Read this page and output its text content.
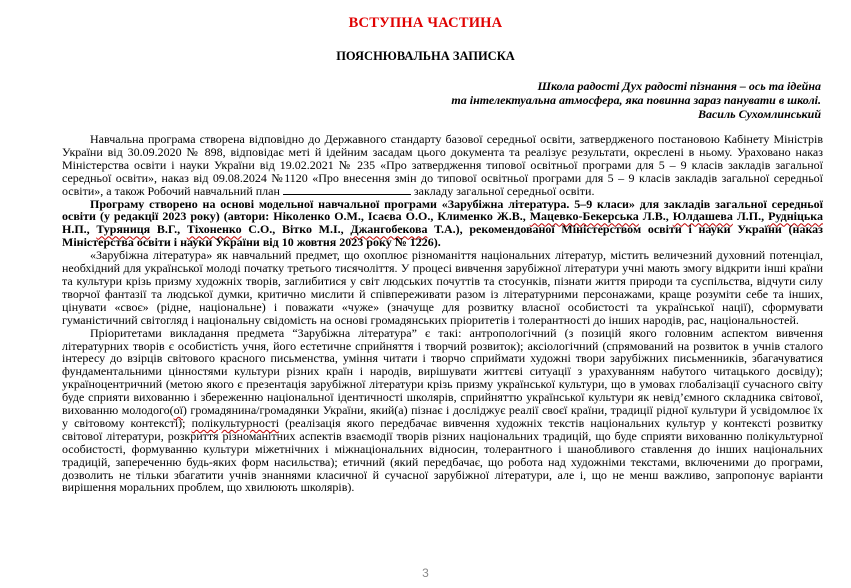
ВСТУПНА ЧАСТИНА
ПОЯСНЮВАЛЬНА ЗАПИСКА
Школа радості Дух радості пізнання – ось та ідейна
та інтелектуальна атмосфера, яка повинна зараз панувати в школі.
Василь Сухомлинський

Навчальна програма створена відповідно до Державного стандарту базової середньої освіти, затвердженого постановою Кабінету Міністрів України від 30.09.2020 № 898, відповідає меті й ідейним засадам цього документа та реалізує результати, окреслені в ньому. Ураховано наказ Міністерства освіти і науки України від 19.02.2021 № 235 «Про затвердження типової освітньої програми для 5 – 9 класів закладів загальної середньої освіти», наказ від 09.08.2024 №1120 «Про внесення змін до типової освітньої програми для 5 – 9 класів закладів загальної середньої освіти», а також Робочий навчальний план	закладу загальної середньої освіти.

Програму створено на основі модельної навчальної програми «Зарубіжна література. 5–9 класи» для закладів загальної середньої освіти (у редакції 2023 року) (автори: Ніколенко О.М., Ісаєва О.О., Клименко Ж.В., Мацевко-Бекерська Л.В., Юлдашева Л.П., Рудніцька Н.П., Туряниця В.Г., Тіхоненко С.О., Вітко М.І., Джангобекова Т.А.), рекомендованої Міністерством освіти і науки України (наказ Міністерства освіти і науки України від 10 жовтня 2023 року № 1226).

«Зарубіжна література» як навчальний предмет, що охоплює різноманіття національних літератур, містить величезний духовний потенціал, необхідний для української молоді початку третього тисячоліття. У процесі вивчення зарубіжної літератури учні мають змогу відкрити інші країни та культури крізь призму художніх творів, заглибитися у світ людських почуттів та стосунків, пізнати життя природи та суспільства, відчути силу творчої фантазії та людської думки, критично мислити й співпереживати разом із літературними персонажами, краще розуміти себе та інших, цінувати «своє» (рідне, національне) і поважати «чуже» (значуще для розвитку власної особистості та української нації), сформувати гуманістичний світогляд і національну свідомість на основі громадянських пріоритетів і толерантності до інших народів, рас, національностей.

Пріоритетами викладання предмета “Зарубіжна література” є такі: антропологічний (з позицій якого головним аспектом вивчення літературних творів є особистість учня, його естетичне сприйняття і творчий розвиток); аксіологічний (спрямований на розвиток в учнів сталого інтересу до взірців світового красного письменства, уміння читати і творчо сприймати художні твори зарубіжних письменників, збагачуватися фундаментальними цінностями культури різних країн і народів, вирішувати життєві ситуації з урахуванням набутого читацького досвіду); україноцентричний (метою якого є презентація зарубіжної літератури крізь призму української культури, що в умовах глобалізації сучасного світу буде сприяти вихованню і збереженню національної ідентичності школярів, сприйняттю української культури як невід’ємного складника світової, вихованню молодого(ої) громадянина/громадянки України, який(а) пізнає і досліджує реалії своєї країни, традиції рідної культури й усвідомлює їх у світовому контексті); полікультурності (реалізація якого передбачає вивчення художніх текстів національних культур у контексті розвитку світової літератури, розкриття різноманітних аспектів взаємодії творів різних національних традицій, що буде сприяти вихованню полікультурної особистості, формуванню культури міжетнічних і міжнаціональних відносин, толерантного і шанобливого ставлення до інших національних традицій, запереченню будь-яких форм насильства); етичний (який передбачає, що робота над художніми текстами, включеними до програми, дозволить не тільки збагатити учнів знаннями класичної й сучасної зарубіжної літератури, але і, що не менш важливо, запропонує варіанти вирішення моральних проблем, що хвилюють школярів).

3
